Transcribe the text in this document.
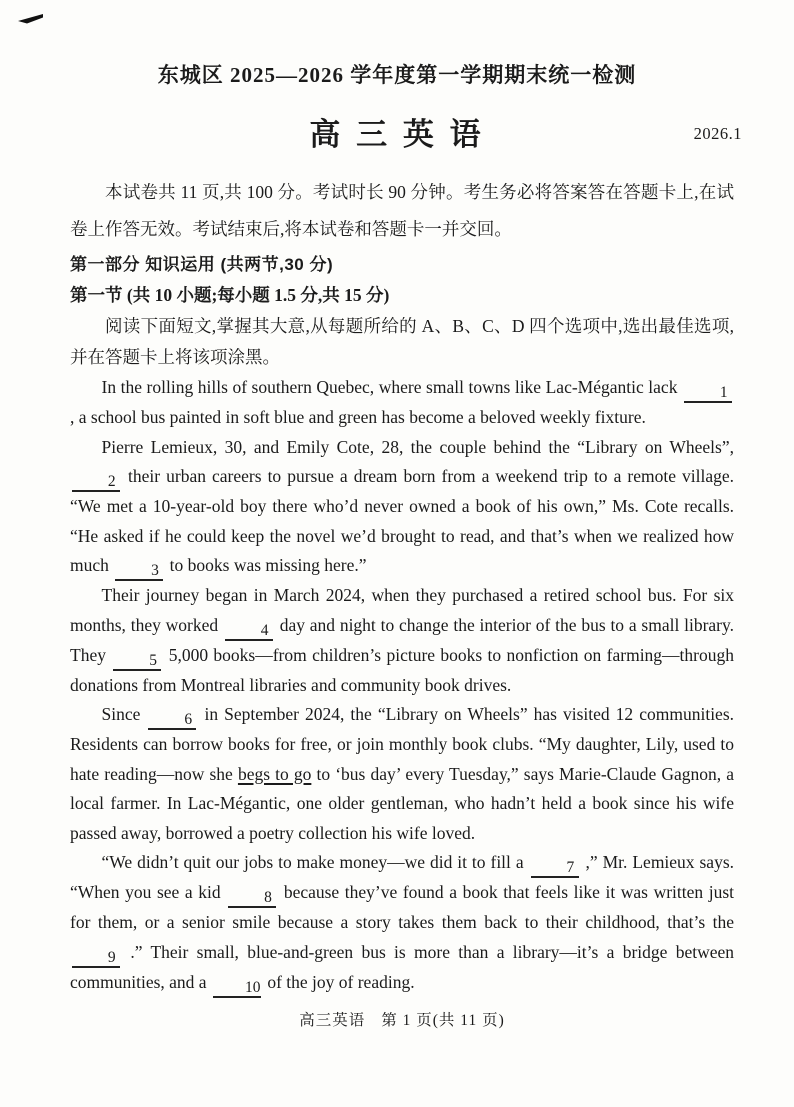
东城区 2025—2026 学年度第一学期期末统一检测
高 三 英 语	2026.1

本试卷共 11 页,共 100 分。考试时长 90 分钟。考生务必将答案答在答题卡上,在试卷上作答无效。考试结束后,将本试卷和答题卡一并交回。

第一部分 知识运用 (共两节,30 分)

第一节 (共 10 小题;每小题 1.5 分,共 15 分)

阅读下面短文,掌握其大意,从每题所给的 A、B、C、D 四个选项中,选出最佳选项,并在答题卡上将该项涂黑。

In the rolling hills of southern Quebec, where small towns like Lac-Mégantic lack	1 , a school bus painted in soft blue and green has become a beloved weekly fixture.

Pierre Lemieux, 30, and Emily Cote, 28, the couple behind the “Library on Wheels”, 2 their urban careers to pursue a dream born from a weekend trip to a remote village. “We met a 10-year-old boy there who’d never owned a book of his own,” Ms. Cote recalls. “He asked if he could keep the novel we’d brought to read, and that’s when we realized how much	3 to books was missing here.”

Their journey began in March 2024, when they purchased a retired school bus. For six months, they worked	4 day and night to change the interior of the bus to a small library. They	5 5,000 books—from children’s picture books to nonfiction on farming—through donations from Montreal libraries and community book drives.

Since	6 in September 2024, the “Library on Wheels” has visited 12 communities. Residents can borrow books for free, or join monthly book clubs. “My daughter, Lily, used to hate reading—now she begs to go to ‘bus day’ every Tuesday,” says Marie-Claude Gagnon, a local farmer. In Lac-Mégantic, one older gentleman, who hadn’t held a book since his wife passed away, borrowed a poetry collection his wife loved.

“We didn’t quit our jobs to make money—we did it to fill a	7 ,” Mr. Lemieux says. “When you see a kid	8 because they’ve found a book that feels like it was written just for them, or a senior smile because a story takes them back to their childhood, that’s the 9 .” Their small, blue-and-green bus is more than a library—it’s a bridge between communities, and a 10 of the joy of reading.

高三英语 第 1 页(共 11 页)
